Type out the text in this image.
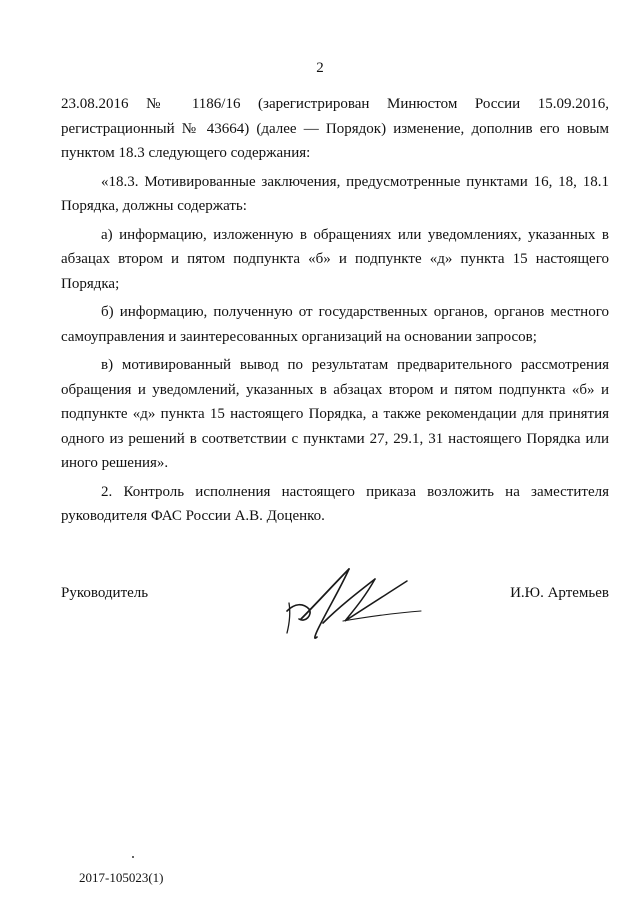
2

23.08.2016 № 1186/16 (зарегистрирован Минюстом России 15.09.2016, регистрационный № 43664) (далее — Порядок) изменение, дополнив его новым пунктом 18.3 следующего содержания:

«18.3. Мотивированные заключения, предусмотренные пунктами 16, 18, 18.1 Порядка, должны содержать:

а) информацию, изложенную в обращениях или уведомлениях, указанных в абзацах втором и пятом подпункта «б» и подпункте «д» пункта 15 настоящего Порядка;

б) информацию, полученную от государственных органов, органов местного самоуправления и заинтересованных организаций на основании запросов;

в) мотивированный вывод по результатам предварительного рассмотрения обращения и уведомлений, указанных в абзацах втором и пятом подпункта «б» и подпункте «д» пункта 15 настоящего Порядка, а также рекомендации для принятия одного из решений в соответствии с пунктами 27, 29.1, 31 настоящего Порядка или иного решения».

2. Контроль исполнения настоящего приказа возложить на заместителя руководителя ФАС России А.В. Доценко.

Руководитель	И.Ю. Артемьев
2017-105023(1)
